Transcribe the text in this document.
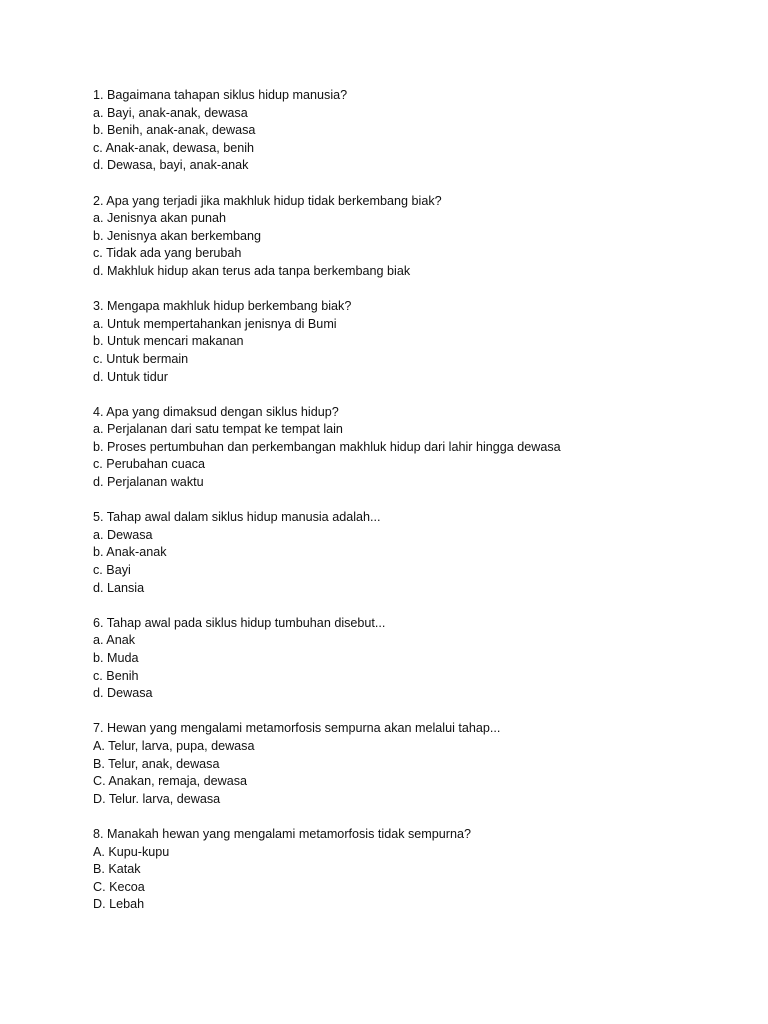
1. Bagaimana tahapan siklus hidup manusia?
a. Bayi, anak-anak, dewasa
b. Benih, anak-anak, dewasa
c. Anak-anak, dewasa, benih
d. Dewasa, bayi, anak-anak
2. Apa yang terjadi jika makhluk hidup tidak berkembang biak?
a. Jenisnya akan punah
b. Jenisnya akan berkembang
c. Tidak ada yang berubah
d. Makhluk hidup akan terus ada tanpa berkembang biak
3. Mengapa makhluk hidup berkembang biak?
a. Untuk mempertahankan jenisnya di Bumi
b. Untuk mencari makanan
c. Untuk bermain
d. Untuk tidur
4. Apa yang dimaksud dengan siklus hidup?
a. Perjalanan dari satu tempat ke tempat lain
b. Proses pertumbuhan dan perkembangan makhluk hidup dari lahir hingga dewasa
c. Perubahan cuaca
d. Perjalanan waktu
5. Tahap awal dalam siklus hidup manusia adalah...
a. Dewasa
b. Anak-anak
c. Bayi
d. Lansia
6. Tahap awal pada siklus hidup tumbuhan disebut...
a. Anak
b. Muda
c. Benih
d. Dewasa
7. Hewan yang mengalami metamorfosis sempurna akan melalui tahap...
A. Telur, larva, pupa, dewasa
B. Telur, anak, dewasa
C. Anakan, remaja, dewasa
D. Telur. larva, dewasa
8. Manakah hewan yang mengalami metamorfosis tidak sempurna?
A. Kupu-kupu
B. Katak
C. Kecoa
D. Lebah
